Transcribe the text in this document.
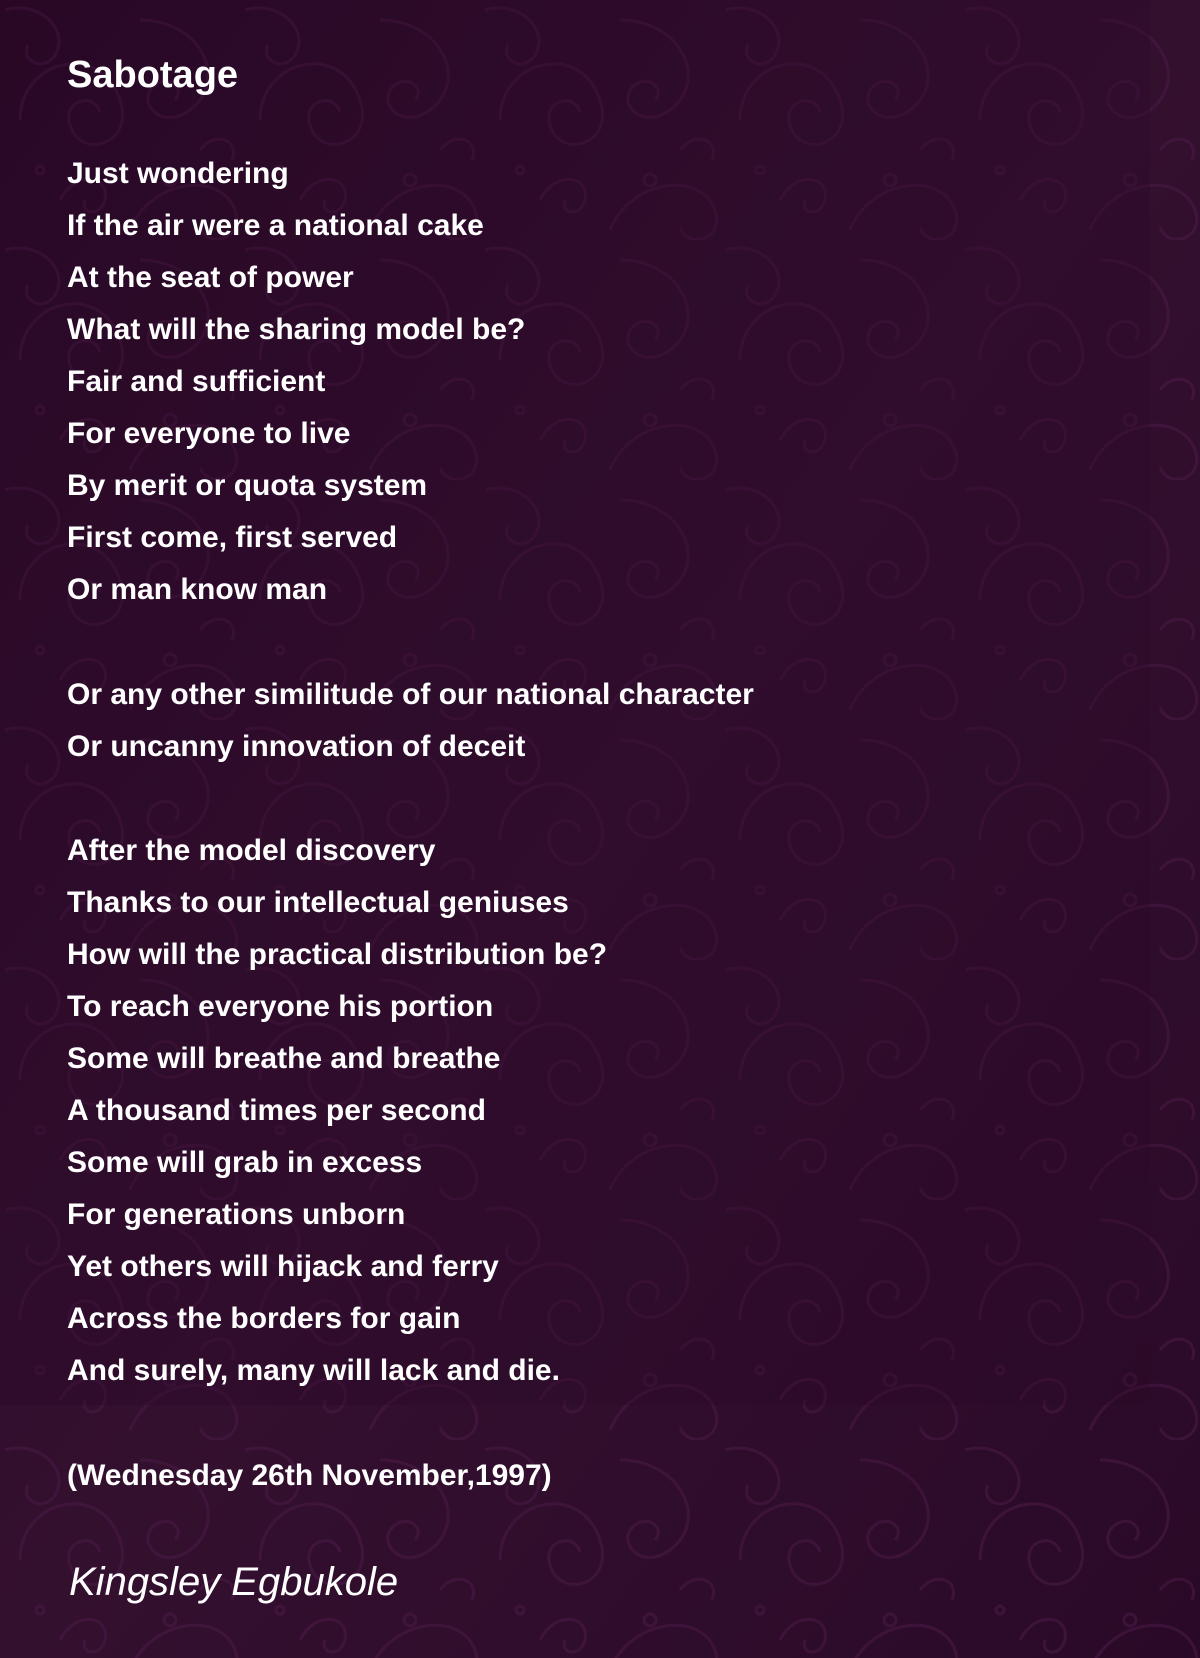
Sabotage
Just wondering
If the air were a national cake
At the seat of power
What will the sharing model be?
Fair and sufficient
For everyone to live
By merit or quota system
First come, first served
Or man know man
Or any other similitude of our national character
Or uncanny innovation of deceit
After the model discovery
Thanks to our intellectual geniuses
How will the practical distribution be?
To reach everyone his portion
Some will breathe and breathe
A thousand times per second
Some will grab in excess
For generations unborn
Yet others will hijack and ferry
Across the borders for gain
And surely, many will lack and die.
(Wednesday 26th November,1997)
Kingsley Egbukole
